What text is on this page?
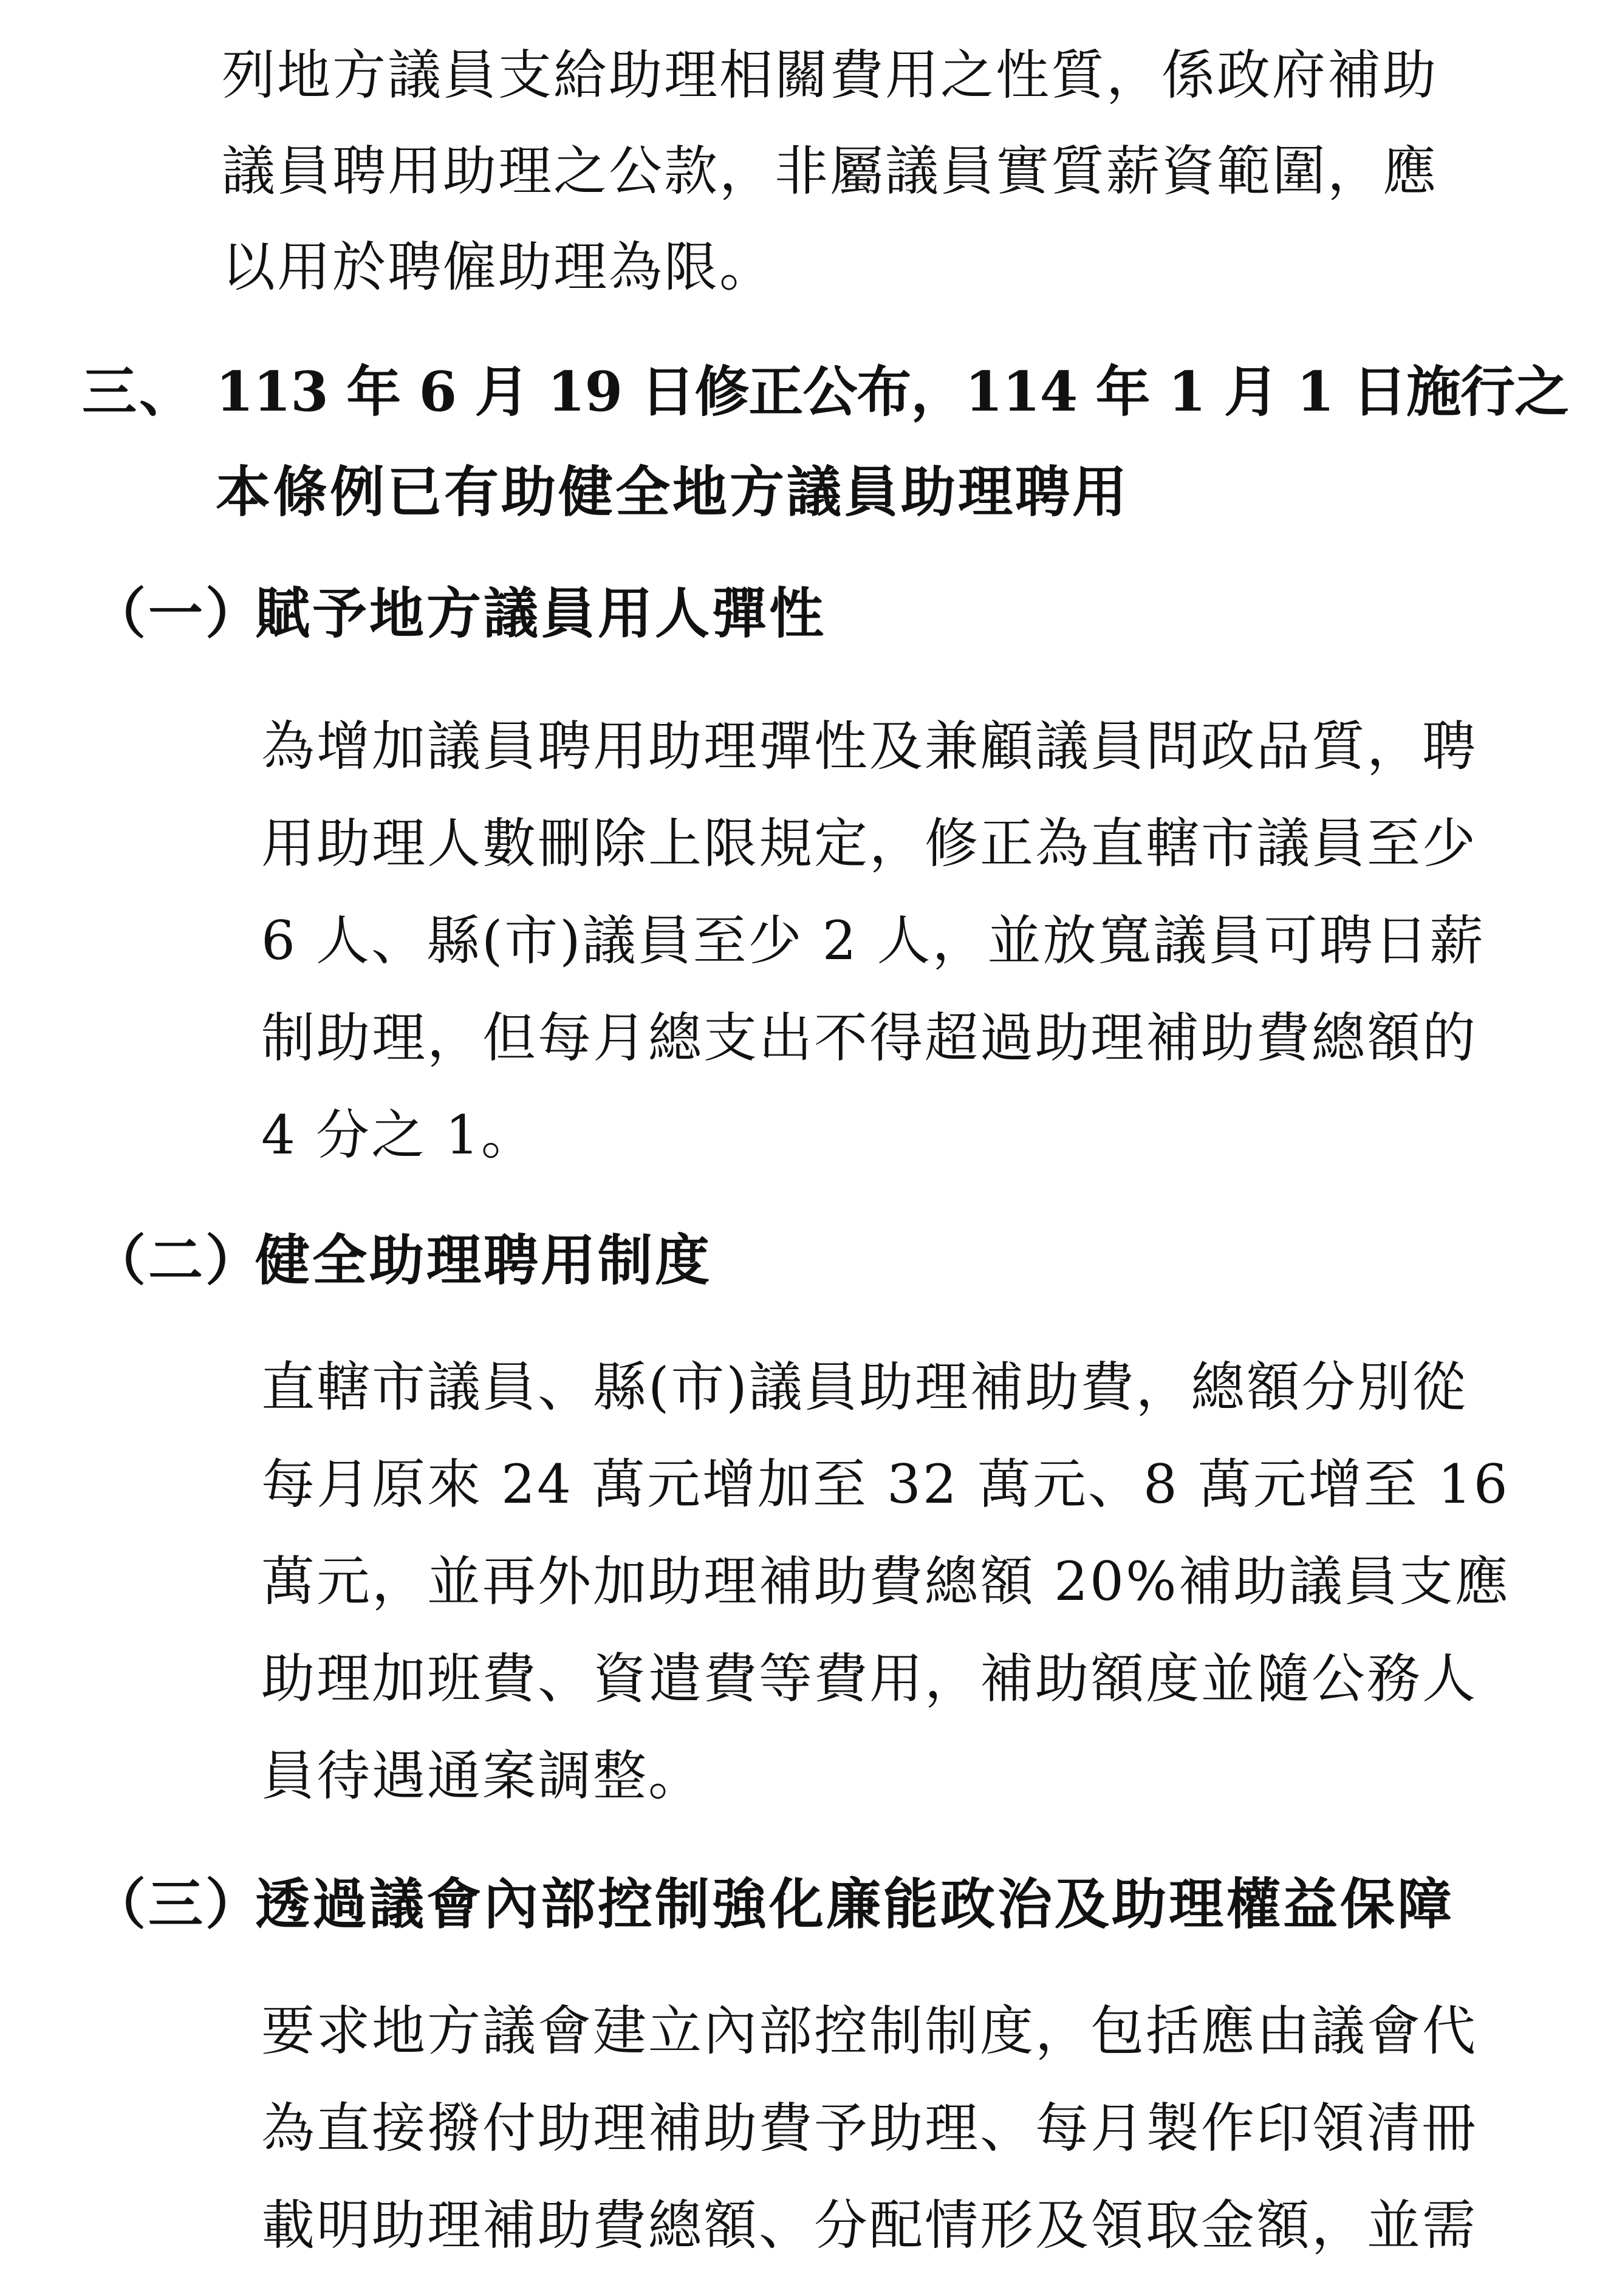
列地方議員支給助理相關費用之性質，係政府補助
議員聘用助理之公款，非屬議員實質薪資範圍，應
以用於聘僱助理為限。
三、 113 年 6 月 19 日修正公布，114 年 1 月 1 日施行之
本條例已有助健全地方議員助理聘用
（一）
賦予地方議員用人彈性
為增加議員聘用助理彈性及兼顧議員問政品質，聘
用助理人數刪除上限規定，修正為直轄市議員至少
6 人、縣(市)議員至少 2 人，並放寬議員可聘日薪
制助理，但每月總支出不得超過助理補助費總額的
4 分之 1。
（二）
健全助理聘用制度
直轄市議員、縣(市)議員助理補助費，總額分別從
每月原來 24 萬元增加至 32 萬元、8 萬元增至 16
萬元，並再外加助理補助費總額 20%補助議員支應
助理加班費、資遣費等費用，補助額度並隨公務人
員待遇通案調整。
（三）
透過議會內部控制強化廉能政治及助理權益保障
要求地方議會建立內部控制制度，包括應由議會代
為直接撥付助理補助費予助理、每月製作印領清冊
載明助理補助費總額、分配情形及領取金額，並需
